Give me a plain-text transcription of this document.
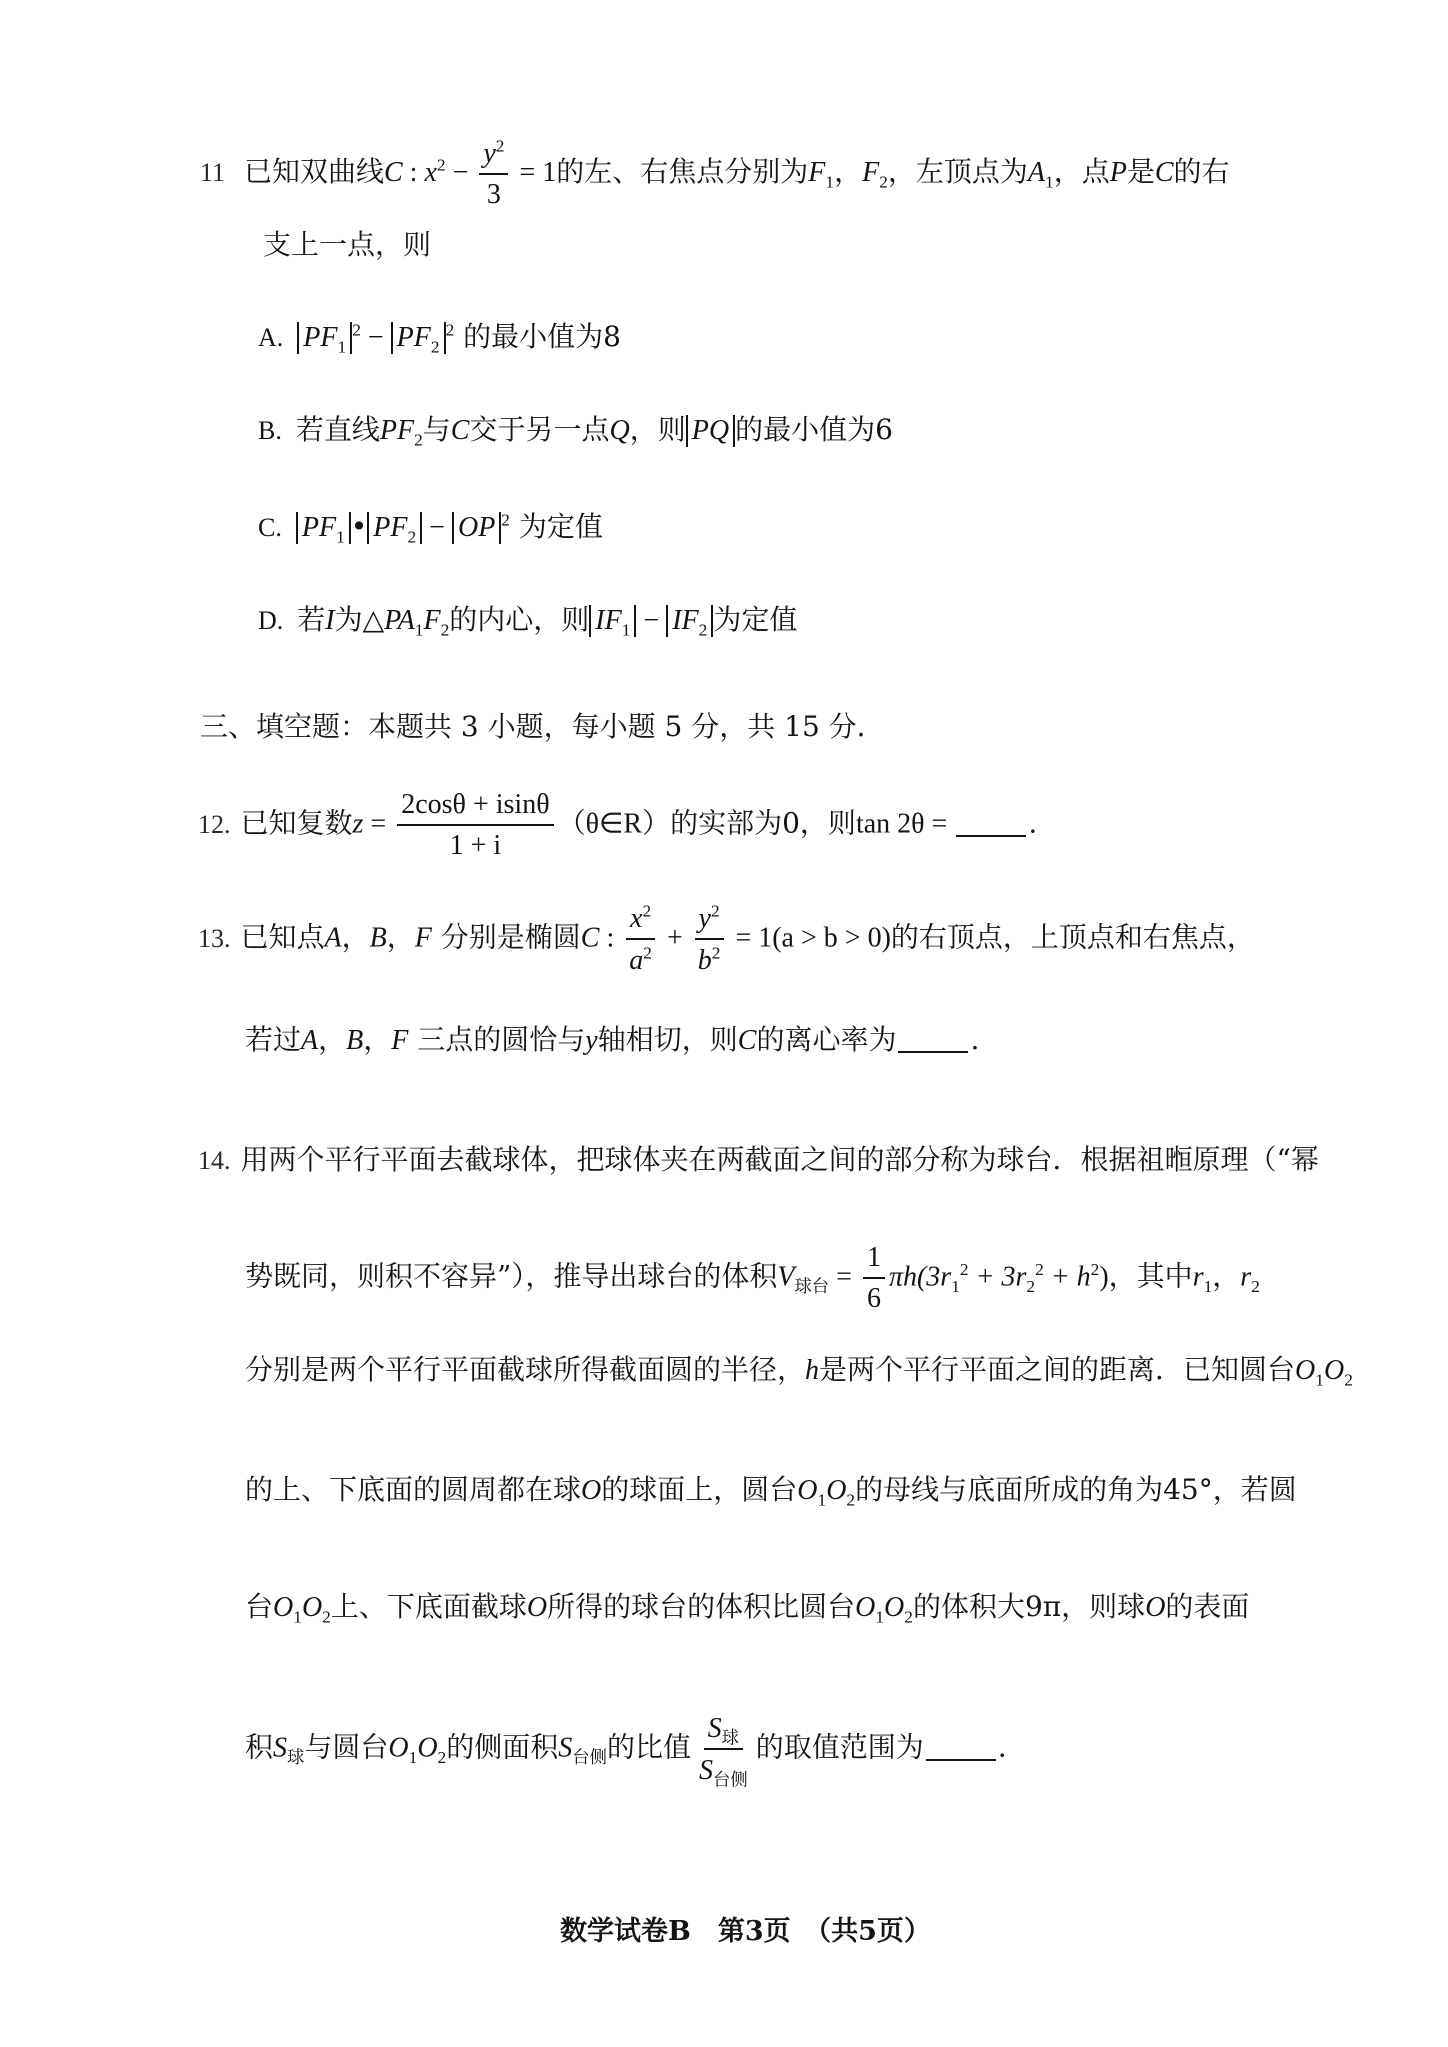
11 已知双曲线C : $x^2 - \frac{y^2}{3} = 1$的左、右焦点分别为$F_1$，$F_2$，左顶点为$A_1$，点P是C的右
支上一点，则
A. $PF_1^2 - PF_2^2$ 的最小值为8
B. 若直线$PF_2$与C交于另一点Q，则 PQ 的最小值为6
C. $PF_1$ • $PF_2$ − OP $^2$ 为定值
D. 若I为$\triangle PA_1F_2$的内心，则 $IF_1 - IF_2$ 为定值
三、填空题：本题共 3 小题，每小题 5 分，共 15 分．
12. 已知复数$z = \frac{2\cos\theta + isin\theta}{1 + i}$ （θ∈R）的实部为0，则tan 2θ =	.
13. 已知点A，B，F 分别是椭圆C : $\frac{x^2}{a^2} + \frac{y^2}{b^2} = 1(a > b > 0)$的右顶点，上顶点和右焦点，
若过A，B，F 三点的圆恰与y轴相切，则C的离心率为	.
14. 用两个平行平面去截球体，把球体夹在两截面之间的部分称为球台．根据祖暅原理（“幂
势既同，则积不容异”），推导出球台的体积$V_{球台} = \frac{1}{6} \pi h(3r_1^2 + 3r_2^2 + h^2)$，其中$r_1$，$r_2$
分别是两个平行平面截球所得截面圆的半径，h是两个平行平面之间的距离．已知圆台$O_1O_2$
的上、下底面的圆周都在球O的球面上，圆台$O_1O_2$的母线与底面所成的角为45°，若圆
台$O_1O_2$上、下底面截球O所得的球台的体积比圆台$O_1O_2$的体积大9π，则球O的表面
积$S_球$与圆台$O_1O_2$的侧面积$S_{台侧}$的比值
$S_球$
$S_{台侧}$
的取值范围为	.
数学试卷B　第3页　（共5页）
